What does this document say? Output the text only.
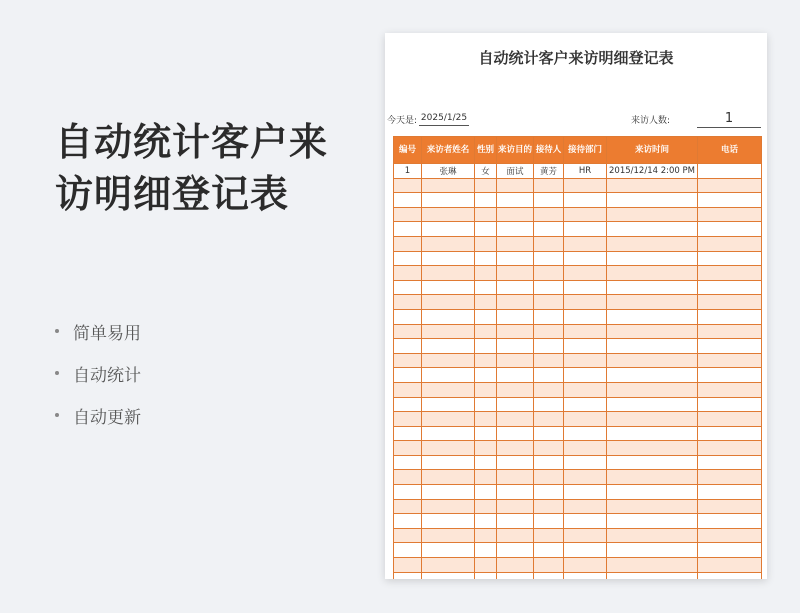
自动统计客户来
访明细登记表
简单易用
自动统计
自动更新
自动统计客户来访明细登记表
今天是: 2025/1/25	来访人数:	1
编号	来访者姓名	性别	来访目的	接待人	接待部门	来访时间	电话
1	张琳	女	面试	黄芳	HR	2015/12/14 2:00 PM	
